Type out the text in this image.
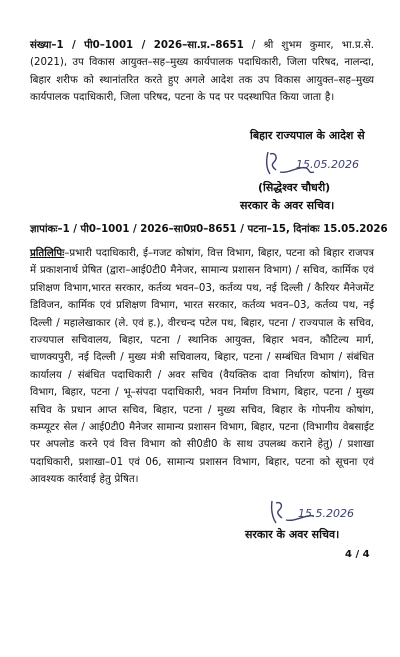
संख्या–1 / पी0–1001 / 2026–सा.प्र.–8651 / श्री शुभम कुमार, भा.प्र.से. (2021), उप विकास आयुक्त–सह–मुख्य कार्यपालक पदाधिकारी, जिला परिषद, नालन्दा, बिहार शरीफ को स्थानांतरित करते हुए अगले आदेश तक उप विकास आयुक्त–सह–मुख्य कार्यपालक पदाधिकारी, जिला परिषद, पटना के पद पर पदस्थापित किया जाता है।

बिहार राज्यपाल के आदेश से
15.05.2026
(सिद्धेश्वर चौधरी)
सरकार के अवर सचिव।
ज्ञापांकः–1 / पी0–1001 / 2026–सा0प्र0–8651 / पटना–15, दिनांकः 15.05.2026

प्रतिलिपिः–प्रभारी पदाधिकारी, ई–गजट कोषांग, वित्त विभाग, बिहार, पटना को बिहार राजपत्र में प्रकाशनार्थ प्रेषित (द्वारा–आई0टी0 मैनेजर, सामान्य प्रशासन विभाग) / सचिव, कार्मिक एवं प्रशिक्षण विभाग,भारत सरकार, कर्तव्य भवन–03, कर्तव्य पथ, नई दिल्ली / कैरियर मैनेजमेंट डिविजन, कार्मिक एवं प्रशिक्षण विभाग, भारत सरकार, कर्तव्य भवन–03, कर्तव्य पथ, नई दिल्ली / महालेखाकार (ले. एवं ह.), वीरचन्द पटेल पथ, बिहार, पटना / राज्यपाल के सचिव, राज्यपाल सचिवालय, बिहार, पटना / स्थानिक आयुक्त, बिहार भवन, कौटिल्य मार्ग, चाणक्यपुरी, नई दिल्ली / मुख्य मंत्री सचिवालय, बिहार, पटना / सम्बंधित विभाग / संबंधित कार्यालय / संबंधित पदाधिकारी / अवर सचिव (वैयक्तिक दावा निर्धारण कोषांग), वित्त विभाग, बिहार, पटना / भू–संपदा पदाधिकारी, भवन निर्माण विभाग, बिहार, पटना / मुख्य सचिव के प्रधान आप्त सचिव, बिहार, पटना / मुख्य सचिव, बिहार के गोपनीय कोषांग, कम्प्यूटर सेल / आई0टी0 मैनेजर सामान्य प्रशासन विभाग, बिहार, पटना (विभागीय वेबसाईट पर अपलोड करने एवं वित्त विभाग को सी0डी0 के साथ उपलब्ध कराने हेतु) / प्रशाखा पदाधिकारी, प्रशाखा–01 एवं 06, सामान्य प्रशासन विभाग, बिहार, पटना को सूचना एवं आवश्यक कार्रवाई हेतु प्रेषित।

15.5.2026
सरकार के अवर सचिव।
4 / 4
